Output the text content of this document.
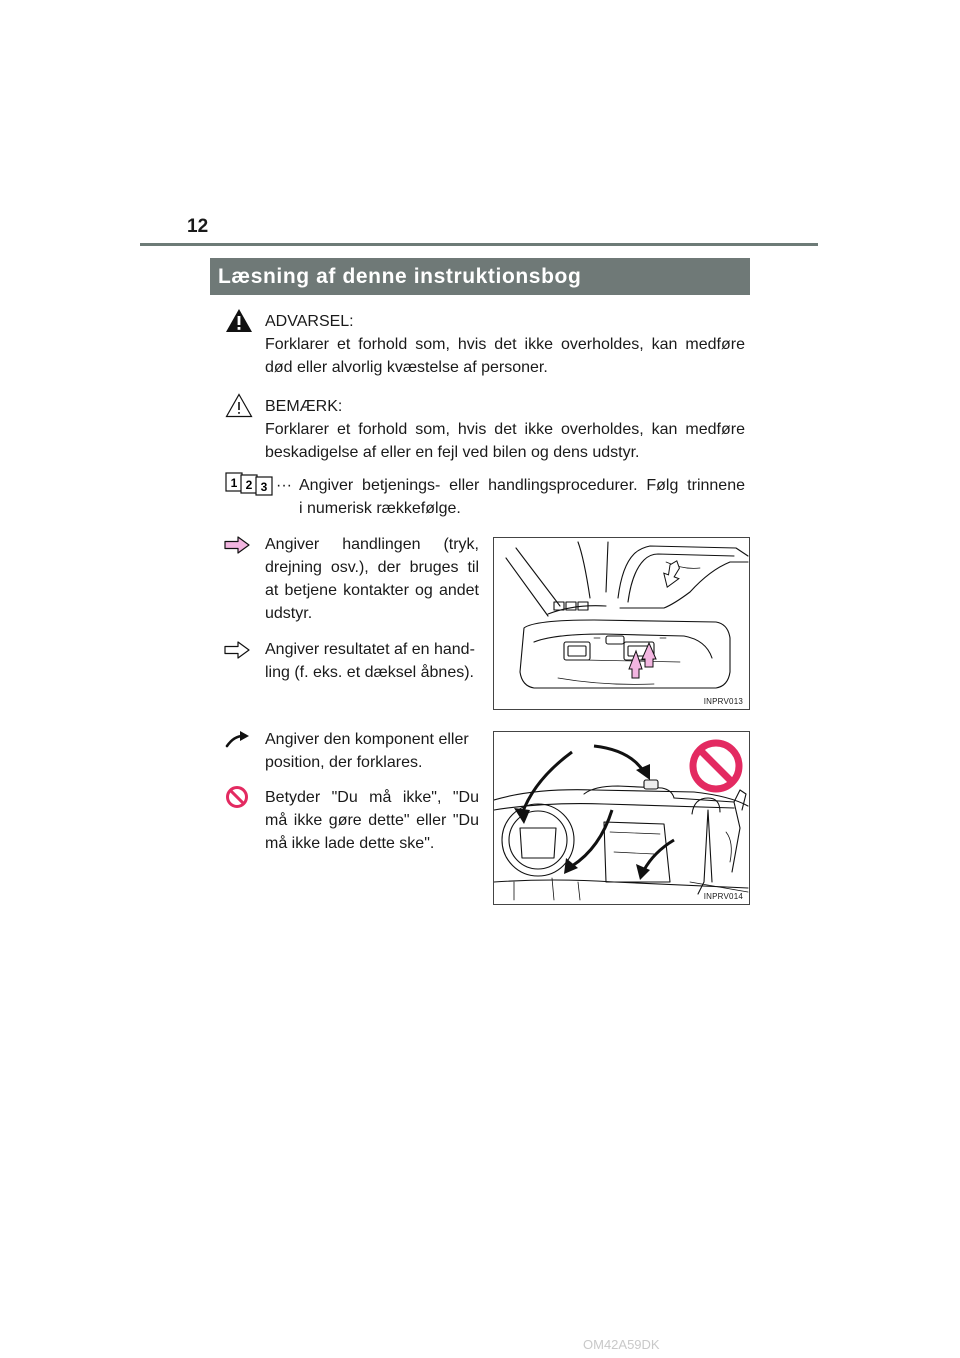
12
Læsning af denne instruktionsbog
ADVARSEL:
Forklarer et forhold som, hvis det ikke overholdes, kan medføre
død eller alvorlig kvæstelse af personer.
BEMÆRK:
Forklarer et forhold som, hvis det ikke overholdes, kan medføre
beskadigelse af eller en fejl ved bilen og dens udstyr.
1 2 3 ··· Angiver betjenings- eller handlingsprocedurer. Følg trinnene
i numerisk rækkefølge.
Angiver handlingen (tryk,
drejning osv.), der bruges til
at betjene kontakter og andet
udstyr.
Angiver resultatet af en hand-
ling (f. eks. et dæksel åbnes).
INPRV013
Angiver den komponent eller
position, der forklares.
Betyder "Du må ikke", "Du
må ikke gøre dette" eller "Du
må ikke lade dette ske".
INPRV014
OM42A59DK
